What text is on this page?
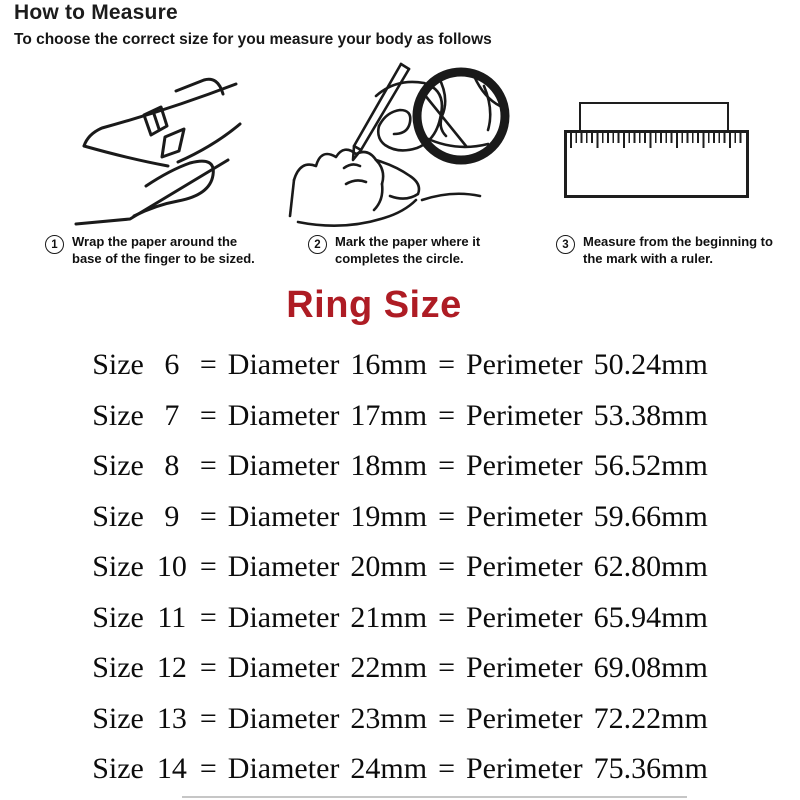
How to Measure
To choose the correct size for you measure your body as follows
1	Wrap the paper around the
base of the finger to be sized.
2	Mark the paper where it
completes the circle.
3	Measure from the beginning to
the mark with a ruler.
Ring Size
Size 6 = Diameter 16mm = Perimeter 50.24mm
Size 7 = Diameter 17mm = Perimeter 53.38mm
Size 8 = Diameter 18mm = Perimeter 56.52mm
Size 9 = Diameter 19mm = Perimeter 59.66mm
Size 10 = Diameter 20mm = Perimeter 62.80mm
Size 11 = Diameter 21mm = Perimeter 65.94mm
Size 12 = Diameter 22mm = Perimeter 69.08mm
Size 13 = Diameter 23mm = Perimeter 72.22mm
Size 14 = Diameter 24mm = Perimeter 75.36mm
